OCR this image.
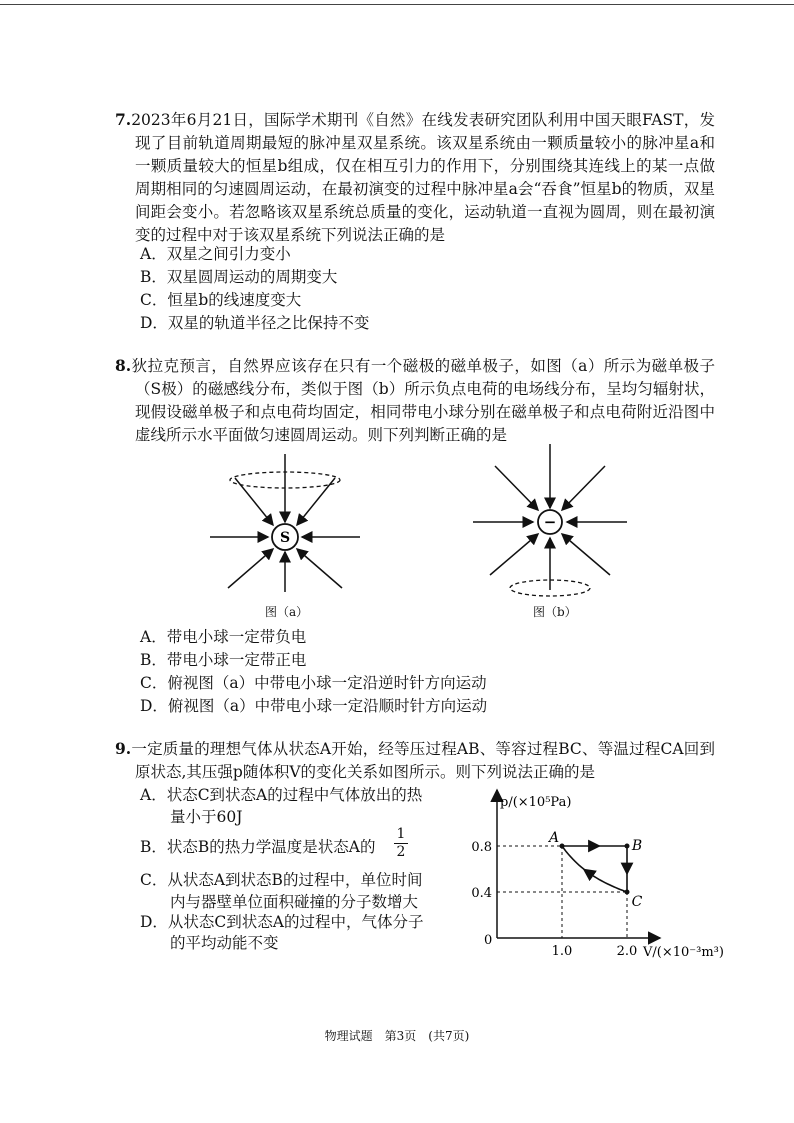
7.2023年6月21日，国际学术期刊《自然》在线发表研究团队利用中国天眼FAST，发现了目前轨道周期最短的脉冲星双星系统。该双星系统由一颗质量较小的脉冲星a和一颗质量较大的恒星b组成，仅在相互引力的作用下，分别围绕其连线上的某一点做周期相同的匀速圆周运动，在最初演变的过程中脉冲星a会“吞食”恒星b的物质，双星间距会变小。若忽略该双星系统总质量的变化，运动轨道一直视为圆周，则在最初演变的过程中对于该双星系统下列说法正确的是

A．双星之间引力变小
B．双星圆周运动的周期变大
C．恒星b的线速度变大
D．双星的轨道半径之比保持不变

8.狄拉克预言，自然界应该存在只有一个磁极的磁单极子，如图（a）所示为磁单极子（S极）的磁感线分布，类似于图（b）所示负点电荷的电场线分布，呈均匀辐射状，现假设磁单极子和点电荷均固定，相同带电小球分别在磁单极子和点电荷附近沿图中虚线所示水平面做匀速圆周运动。则下列判断正确的是

S
图（a）
−
图（b）
A．带电小球一定带负电
B．带电小球一定带正电
C．俯视图（a）中带电小球一定沿逆时针方向运动
D．俯视图（a）中带电小球一定沿顺时针方向运动

9.一定质量的理想气体从状态A开始，经等压过程AB、等容过程BC、等温过程CA回到原状态,其压强p随体积V的变化关系如图所示。则下列说法正确的是

A．状态C到状态A的过程中气体放出的热
量小于60J
B．状态B的热力学温度是状态A的 $\frac{1}{2}$
C．从状态A到状态B的过程中，单位时间
内与器壁单位面积碰撞的分子数增大
D．从状态C到状态A的过程中，气体分子
的平均动能不变
p/(×10⁵Pa)
V/(×10⁻³m³)
0
1.0	2.0
0.8
0.4
A	B
C
物理试题　第3页　(共7页)
